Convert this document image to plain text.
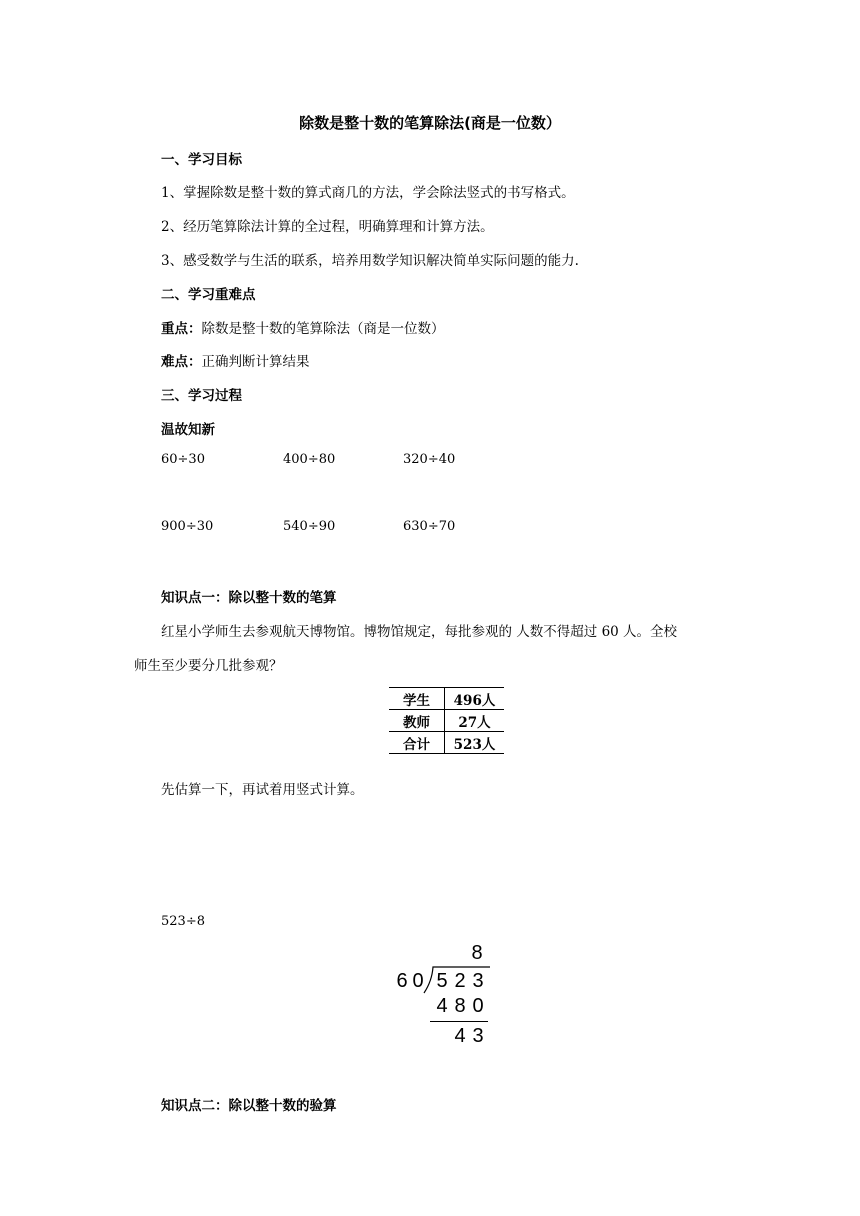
除数是整十数的笔算除法(商是一位数）
一、学习目标
1、掌握除数是整十数的算式商几的方法，学会除法竖式的书写格式。
2、经历笔算除法计算的全过程，明确算理和计算方法。
3、感受数学与生活的联系，培养用数学知识解决简单实际问题的能力.
二、学习重难点
重点：除数是整十数的笔算除法（商是一位数）
难点：正确判断计算结果
三、学习过程
温故知新
60÷30	400÷80	320÷40
900÷30	540÷90	630÷70
知识点一：除以整十数的笔算
红星小学师生去参观航天博物馆。博物馆规定，每批参观的 人数不得超过 60 人。全校
师生至少要分几批参观？
学生	496人
教师	27人
合计	523人
先估算一下，再试着用竖式计算。
523÷8
8
6 0 5 2 3
4 8 0
4 3
知识点二：除以整十数的验算
